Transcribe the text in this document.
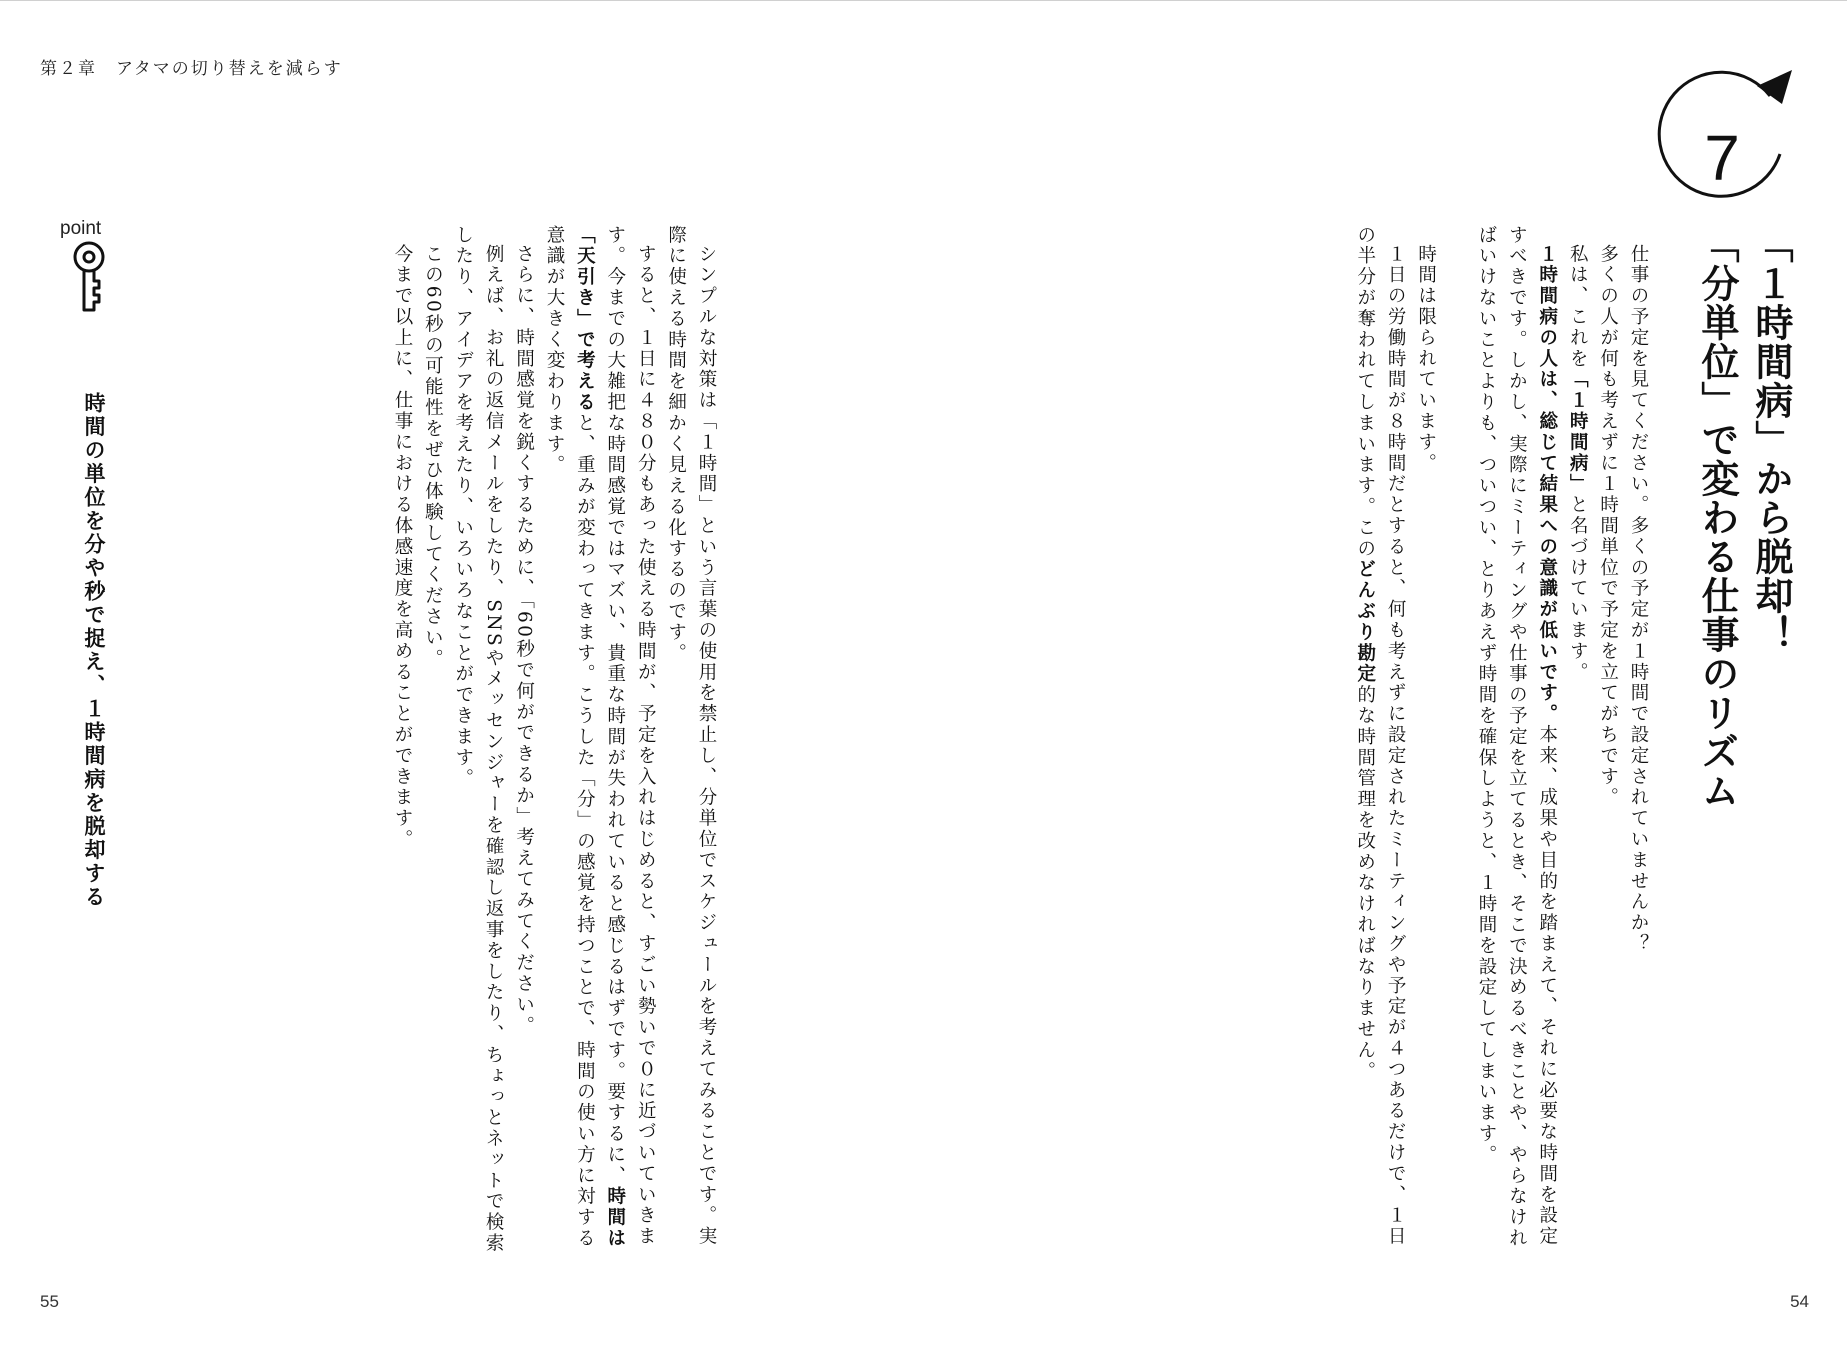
第２章　アタマの切り替えを減らす
7
「１時間病」から脱却！
「分単位」で変わる仕事のリズム
仕事の予定を見てください。多くの予定が１時間で設定されていませんか？
多くの人が何も考えずに１時間単位で予定を立てがちです。
私は、これを「１時間病」と名づけています。
１時間病の人は、総じて結果への意識が低いです。本来、成果や目的を踏まえて、それに必要な時間を設定すべきです。しかし、実際にミーティングや仕事の予定を立てるとき、そこで決めるべきことや、やらなければいけないことよりも、ついつい、とりあえず時間を確保しようと、１時間を設定してしまいます。
時間は限られています。
１日の労働時間が８時間だとすると、何も考えずに設定されたミーティングや予定が４つあるだけで、１日の半分が奪われてしまいます。このどんぶり勘定的な時間管理を改めなければなりません。
シンプルな対策は「１時間」という言葉の使用を禁止し、分単位でスケジュールを考えてみることです。実際に使える時間を細かく見える化するのです。
すると、１日に４８０分もあった使える時間が、予定を入れはじめると、すごい勢いで０に近づいていきます。今までの大雑把な時間感覚ではマズい、貴重な時間が失われていると感じるはずです。要するに、時間は「天引き」で考えると、重みが変わってきます。こうした「分」の感覚を持つことで、時間の使い方に対する意識が大きく変わります。
さらに、時間感覚を鋭くするために、「60秒で何ができるか」考えてみてください。
例えば、お礼の返信メールをしたり、SNSやメッセンジャーを確認し返事をしたり、ちょっとネットで検索したり、アイデアを考えたり、いろいろなことができます。
この60秒の可能性をぜひ体験してください。
今まで以上に、仕事における体感速度を高めることができます。
point
時間の単位を分や秒で捉え、１時間病を脱却する
55	54
